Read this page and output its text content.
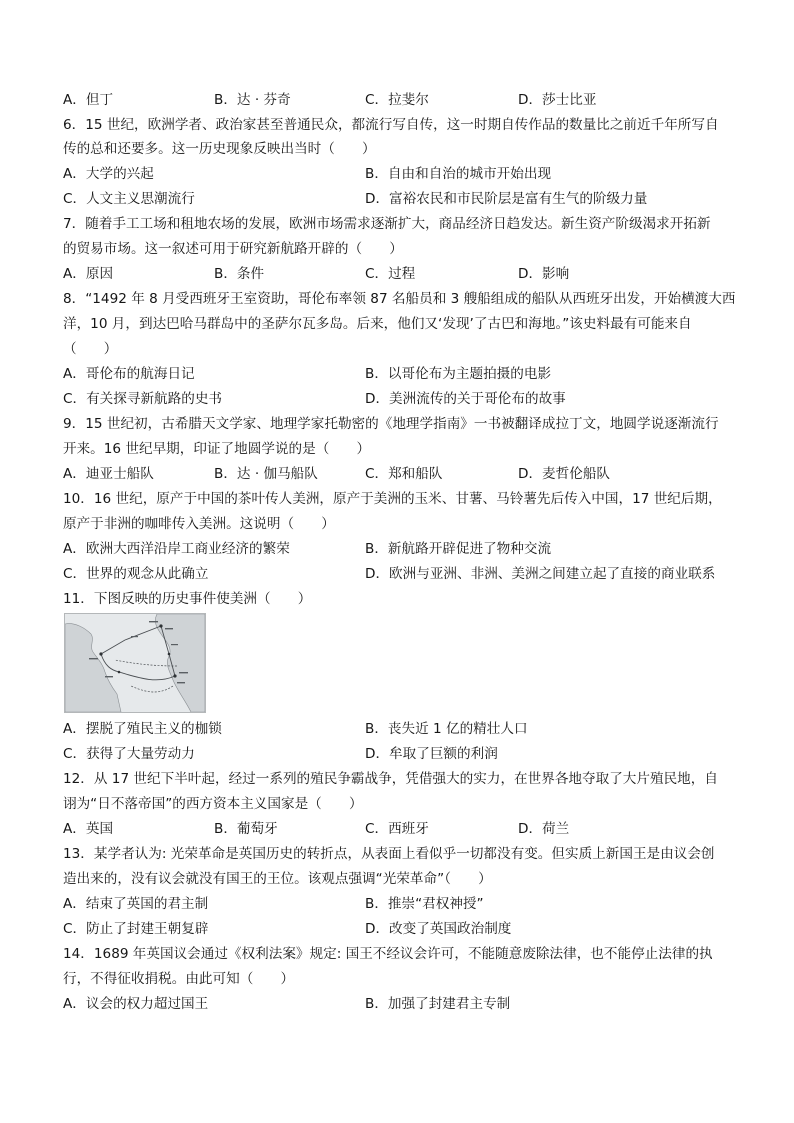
A．但丁	B．达 · 芬奇	C．拉斐尔	D．莎士比亚
6．15 世纪，欧洲学者、政治家甚至普通民众，都流行写自传，这一时期自传作品的数量比之前近千年所写自
传的总和还要多。这一历史现象反映出当时（　　）
A．大学的兴起	B．自由和自治的城市开始出现
C．人文主义思潮流行	D．富裕农民和市民阶层是富有生气的阶级力量
7．随着手工工场和租地农场的发展，欧洲市场需求逐渐扩大，商品经济日趋发达。新生资产阶级渴求开拓新
的贸易市场。这一叙述可用于研究新航路开辟的（　　）
A．原因	B．条件	C．过程	D．影响
8．“1492 年 8 月受西班牙王室资助，哥伦布率领 87 名船员和 3 艘船组成的船队从西班牙出发，开始横渡大西
洋，10 月，到达巴哈马群岛中的圣萨尔瓦多岛。后来，他们又‘发现’了古巴和海地。”该史料最有可能来自
（　　）
A．哥伦布的航海日记	B．以哥伦布为主题拍摄的电影
C．有关探寻新航路的史书	D．美洲流传的关于哥伦布的故事
9．15 世纪初，古希腊天文学家、地理学家托勒密的《地理学指南》一书被翻译成拉丁文，地圆学说逐渐流行
开来。16 世纪早期，印证了地圆学说的是（　　）
A．迪亚士船队	B．达 · 伽马船队	C．郑和船队	D．麦哲伦船队
10．16 世纪，原产于中国的茶叶传人美洲，原产于美洲的玉米、甘薯、马铃薯先后传入中国，17 世纪后期，
原产于非洲的咖啡传入美洲。这说明（　　）
A．欧洲大西洋沿岸工商业经济的繁荣	B．新航路开辟促进了物种交流
C．世界的观念从此确立	D．欧洲与亚洲、非洲、美洲之间建立起了直接的商业联系
11．下图反映的历史事件使美洲（　　）
A．摆脱了殖民主义的枷锁	B．丧失近 1 亿的精壮人口
C．获得了大量劳动力	D．牟取了巨额的利润
12．从 17 世纪下半叶起，经过一系列的殖民争霸战争，凭借强大的实力，在世界各地夺取了大片殖民地，自
诩为“日不落帝国”的西方资本主义国家是（　　）
A．英国	B．葡萄牙	C．西班牙	D．荷兰
13．某学者认为: 光荣革命是英国历史的转折点，从表面上看似乎一切都没有变。但实质上新国王是由议会创
造出来的，没有议会就没有国王的王位。该观点强调“光荣革命”（　　）
A．结束了英国的君主制	B．推崇“君权神授”
C．防止了封建王朝复辟	D．改变了英国政治制度
14．1689 年英国议会通过《权利法案》规定: 国王不经议会许可，不能随意废除法律，也不能停止法律的执
行，不得征收捐税。由此可知（　　）
A．议会的权力超过国王	B．加强了封建君主专制
